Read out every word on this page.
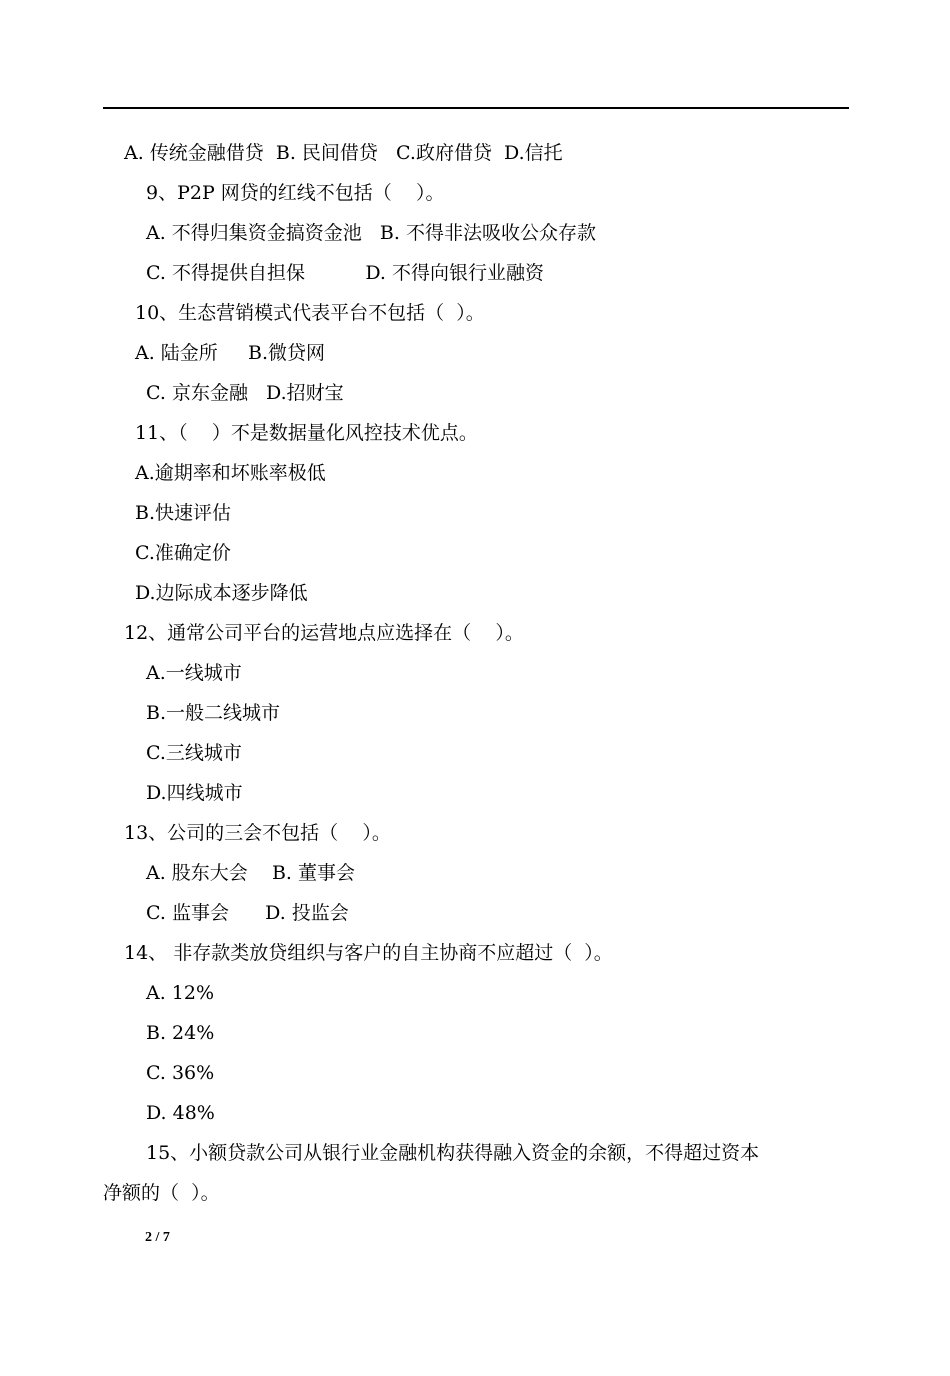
A. 传统金融借贷  B. 民间借贷   C.政府借贷  D.信托
9、P2P 网贷的红线不包括（    ）。
A. 不得归集资金搞资金池   B. 不得非法吸收公众存款
C. 不得提供自担保          D. 不得向银行业融资
10、生态营销模式代表平台不包括（  ）。
A. 陆金所     B.微贷网
C. 京东金融   D.招财宝
11、（    ）不是数据量化风控技术优点。
A.逾期率和坏账率极低
B.快速评估
C.准确定价
D.边际成本逐步降低
12、通常公司平台的运营地点应选择在（    ）。
A.一线城市
B.一般二线城市
C.三线城市
D.四线城市
13、公司的三会不包括（    ）。
A. 股东大会    B. 董事会
C. 监事会      D. 投监会
14、 非存款类放贷组织与客户的自主协商不应超过（  ）。
A. 12%
B. 24%
C. 36%
D. 48%
15、小额贷款公司从银行业金融机构获得融入资金的余额，不得超过资本
净额的（  ）。
2 / 7
